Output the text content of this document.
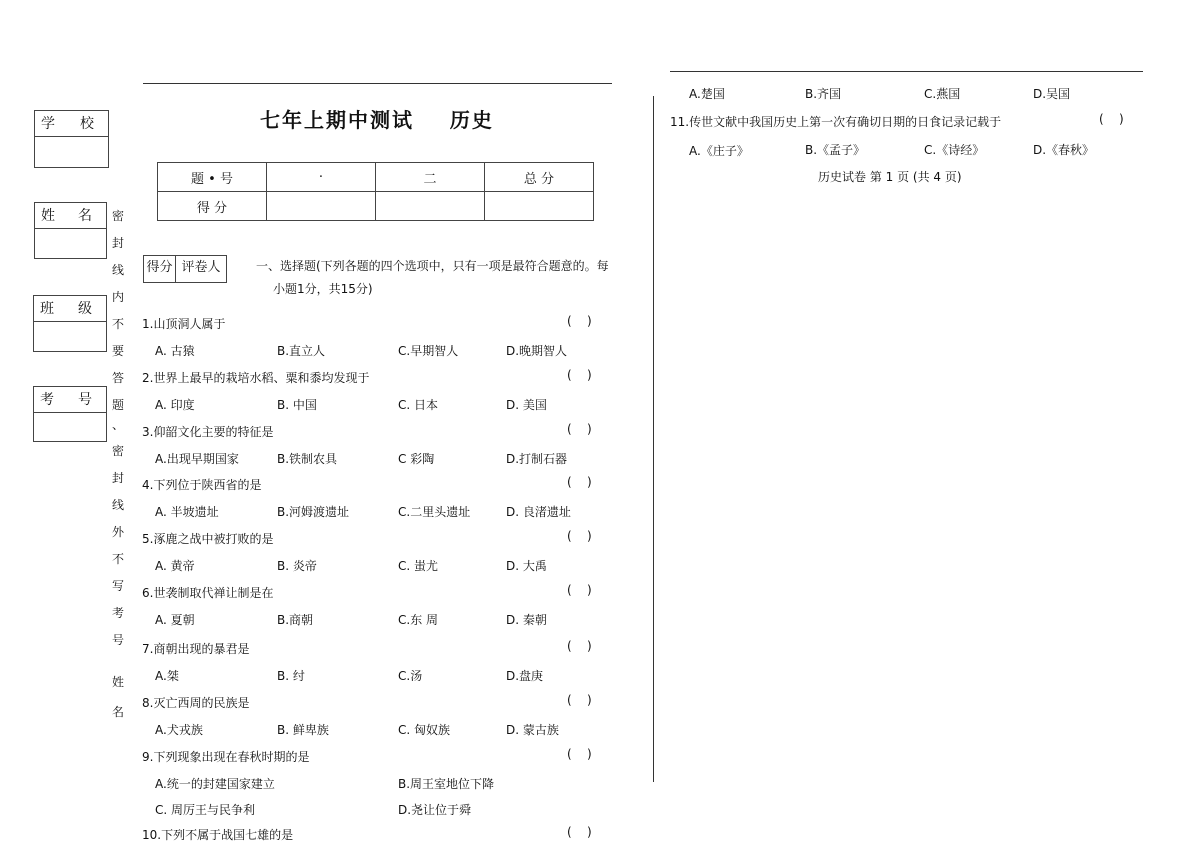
学 校
姓 名
班 级
考 号
密
封
线
内
不
要
答
题
、
密
封
线
外
不
写
考
号
姓
名
七年上期中测试    历史
题 • 号	·	二	总 分
得 分			
得分 评卷人	一、选择题(下列各题的四个选项中，只有一项是最符合题意的。每
小题1分，共15分)
1.山顶洞人属于	(    )
A. 古猿	B.直立人	C.早期智人	D.晚期智人
2.世界上最早的栽培水稻、粟和黍均发现于	(    )
A. 印度	B. 中国	C. 日本	D. 美国
3.仰韶文化主要的特征是	(    )
A.出现早期国家	B.铁制农具	C 彩陶	D.打制石器
4.下列位于陕西省的是	(    )
A. 半坡遗址	B.河姆渡遗址	C.二里头遗址	D. 良渚遗址
5.涿鹿之战中被打败的是	(    )
A. 黄帝	B. 炎帝	C. 蚩尤	D. 大禹
6.世袭制取代禅让制是在	(    )
A. 夏朝	B.商朝	C.东 周	D. 秦朝
7.商朝出现的暴君是	(    )
A.桀	B. 纣	C.汤	D.盘庚
8.灭亡西周的民族是	(    )
A.犬戎族	B. 鲜卑族	C. 匈奴族	D. 蒙古族
9.下列现象出现在春秋时期的是	(    )
A.统一的封建国家建立	B.周王室地位下降
C. 周厉王与民争利	D.尧让位于舜
10.下列不属于战国七雄的是	(    )
A.楚国	B.齐国	C.燕国	D.吴国
11.传世文献中我国历史上第一次有确切日期的日食记录记载于	(    )
A.《庄子》	B.《孟子》	C.《诗经》	D.《春秋》
历史试卷 第 1 页 (共 4 页)
